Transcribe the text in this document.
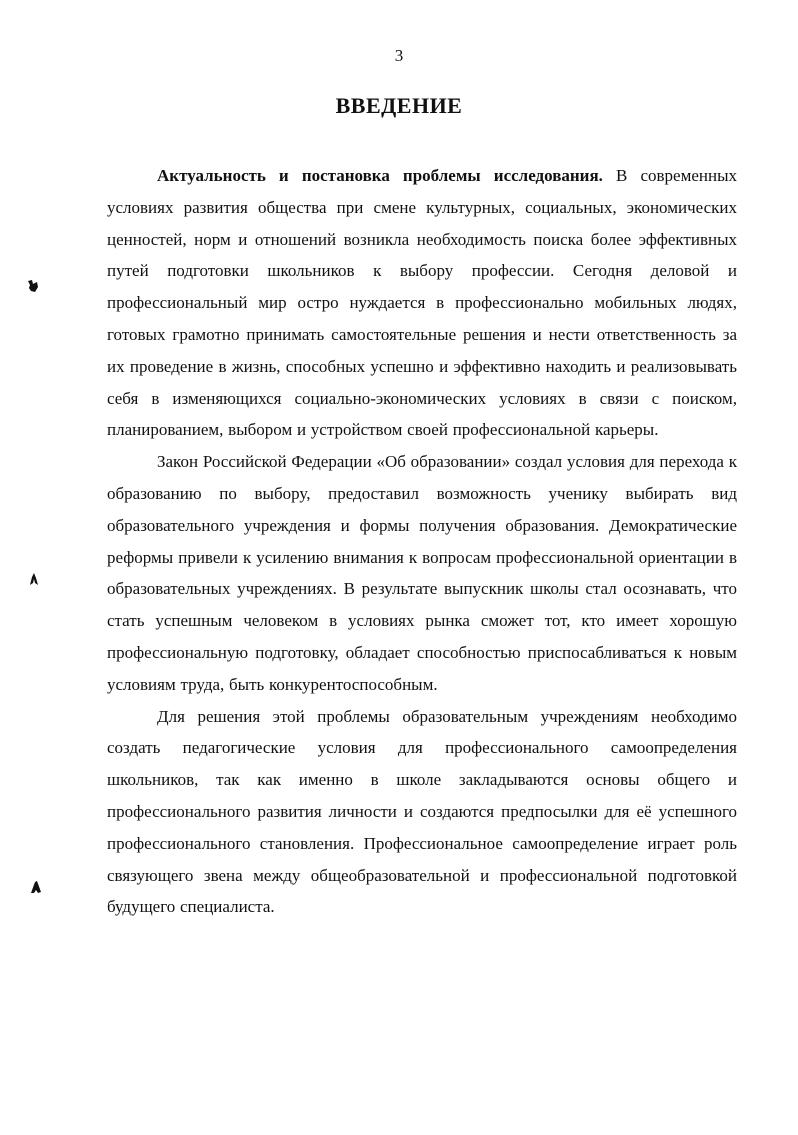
3
ВВЕДЕНИЕ

Актуальность и постановка проблемы исследования. В современных условиях развития общества при смене культурных, социальных, экономических ценностей, норм и отношений возникла необходимость поиска более эффективных путей подготовки школьников к выбору профессии. Сегодня деловой и профессиональный мир остро нуждается в профессионально мобильных людях, готовых грамотно принимать самостоятельные решения и нести ответственность за их проведение в жизнь, способных успешно и эффективно находить и реализовывать себя в изменяющихся социально-экономических условиях в связи с поиском, планированием, выбором и устройством своей профессиональной карьеры.

Закон Российской Федерации «Об образовании» создал условия для перехода к образованию по выбору, предоставил возможность ученику выбирать вид образовательного учреждения и формы получения образования. Демократические реформы привели к усилению внимания к вопросам профессиональной ориентации в образовательных учреждениях. В результате выпускник школы стал осознавать, что стать успешным человеком в условиях рынка сможет тот, кто имеет хорошую профессиональную подготовку, обладает способностью приспосабливаться к новым условиям труда, быть конкурентоспособным.

Для решения этой проблемы образовательным учреждениям необходимо создать педагогические условия для профессионального самоопределения школьников, так как именно в школе закладываются основы общего и профессионального развития личности и создаются предпосылки для её успешного профессионального становления. Профессиональное самоопределение играет роль связующего звена между общеобразовательной и профессиональной подготовкой будущего специалиста.
